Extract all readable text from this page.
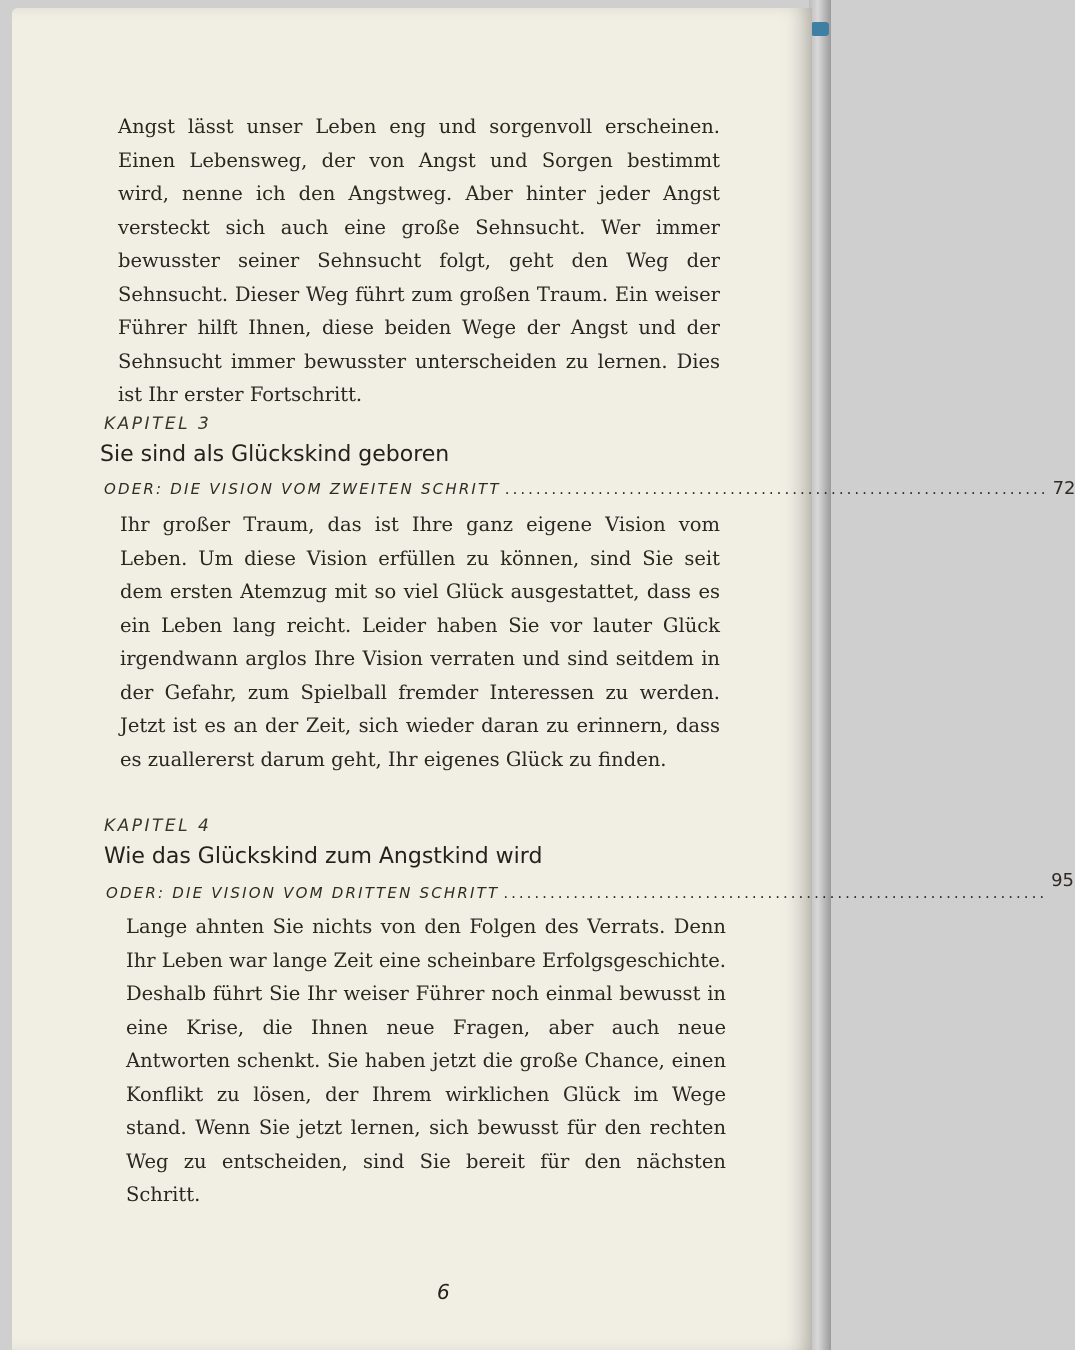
Angst lässt unser Leben eng und sorgenvoll erscheinen. Einen Lebensweg, der von Angst und Sorgen bestimmt wird, nenne ich den Angstweg. Aber hinter jeder Angst versteckt sich auch eine große Sehnsucht. Wer immer bewusster seiner Sehnsucht folgt, geht den Weg der Sehnsucht. Dieser Weg führt zum großen Traum. Ein weiser Führer hilft Ihnen, diese beiden Wege der Angst und der Sehnsucht immer bewusster unterscheiden zu lernen. Dies ist Ihr erster Fortschritt.

KAPITEL 3

Sie sind als Glückskind geboren

ODER: DIE VISION VOM ZWEITEN SCHRITT ...................................................................... 72

Ihr großer Traum, das ist Ihre ganz eigene Vision vom Leben. Um diese Vision erfüllen zu können, sind Sie seit dem ersten Atemzug mit so viel Glück ausgestattet, dass es ein Leben lang reicht. Leider haben Sie vor lauter Glück irgendwann arglos Ihre Vision verraten und sind seitdem in der Gefahr, zum Spielball fremder Interessen zu werden. Jetzt ist es an der Zeit, sich wieder daran zu erinnern, dass es zuallererst darum geht, Ihr eigenes Glück zu finden.

KAPITEL 4

Wie das Glückskind zum Angstkind wird

ODER: DIE VISION VOM DRITTEN SCHRITT ......................................................................
95

Lange ahnten Sie nichts von den Folgen des Verrats. Denn Ihr Leben war lange Zeit eine scheinbare Erfolgsgeschichte. Deshalb führt Sie Ihr weiser Führer noch einmal bewusst in eine Krise, die Ihnen neue Fragen, aber auch neue Antworten schenkt. Sie haben jetzt die große Chance, einen Konflikt zu lösen, der Ihrem wirklichen Glück im Wege stand. Wenn Sie jetzt lernen, sich bewusst für den rechten Weg zu entscheiden, sind Sie bereit für den nächsten Schritt.

6
